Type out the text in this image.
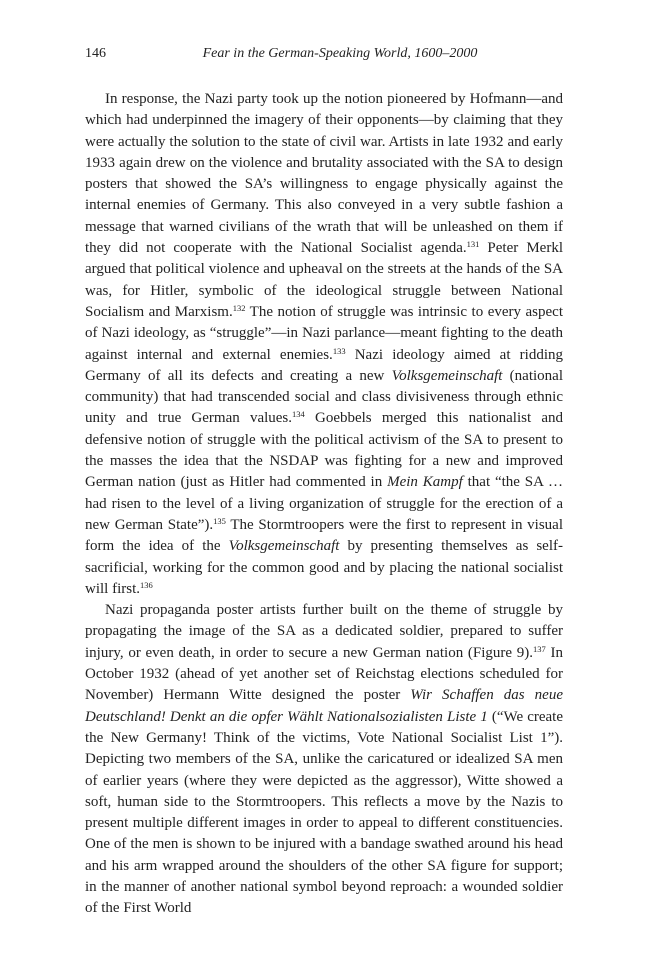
146	Fear in the German-Speaking World, 1600–2000

In response, the Nazi party took up the notion pioneered by Hofmann—and which had underpinned the imagery of their opponents—by claiming that they were actually the solution to the state of civil war. Artists in late 1932 and early 1933 again drew on the violence and brutality associated with the SA to design posters that showed the SA’s willingness to engage physically against the internal enemies of Germany. This also conveyed in a very subtle fashion a message that warned civilians of the wrath that will be unleashed on them if they did not cooperate with the National Socialist agenda.$^{131}$ Peter Merkl argued that political violence and upheaval on the streets at the hands of the SA was, for Hitler, symbolic of the ideological struggle between National Socialism and Marxism.$^{132}$ The notion of struggle was intrinsic to every aspect of Nazi ideology, as “struggle”—in Nazi parlance—meant fighting to the death against internal and external enemies.$^{133}$ Nazi ideology aimed at ridding Germany of all its defects and creating a new Volksgemeinschaft (national community) that had transcended social and class divisiveness through ethnic unity and true German values.$^{134}$ Goebbels merged this nationalist and defensive notion of struggle with the political activism of the SA to present to the masses the idea that the NSDAP was fighting for a new and improved German nation (just as Hitler had commented in Mein Kampf that “the SA … had risen to the level of a living organization of struggle for the erection of a new German State”).$^{135}$ The Stormtroopers were the first to represent in visual form the idea of the Volksgemeinschaft by presenting themselves as self-sacrificial, working for the common good and by placing the national socialist will first.$^{136}$

Nazi propaganda poster artists further built on the theme of struggle by propagating the image of the SA as a dedicated soldier, prepared to suffer injury, or even death, in order to secure a new German nation (Figure 9).$^{137}$ In October 1932 (ahead of yet another set of Reichstag elections scheduled for November) Hermann Witte designed the poster Wir Schaffen das neue Deutschland! Denkt an die opfer Wählt Nationalsozialisten Liste 1 (“We create the New Germany! Think of the victims, Vote National Socialist List 1”). Depicting two members of the SA, unlike the caricatured or idealized SA men of earlier years (where they were depicted as the aggressor), Witte showed a soft, human side to the Stormtroopers. This reflects a move by the Nazis to present multiple different images in order to appeal to different constituencies. One of the men is shown to be injured with a bandage swathed around his head and his arm wrapped around the shoulders of the other SA figure for support; in the manner of another national symbol beyond reproach: a wounded soldier of the First World
